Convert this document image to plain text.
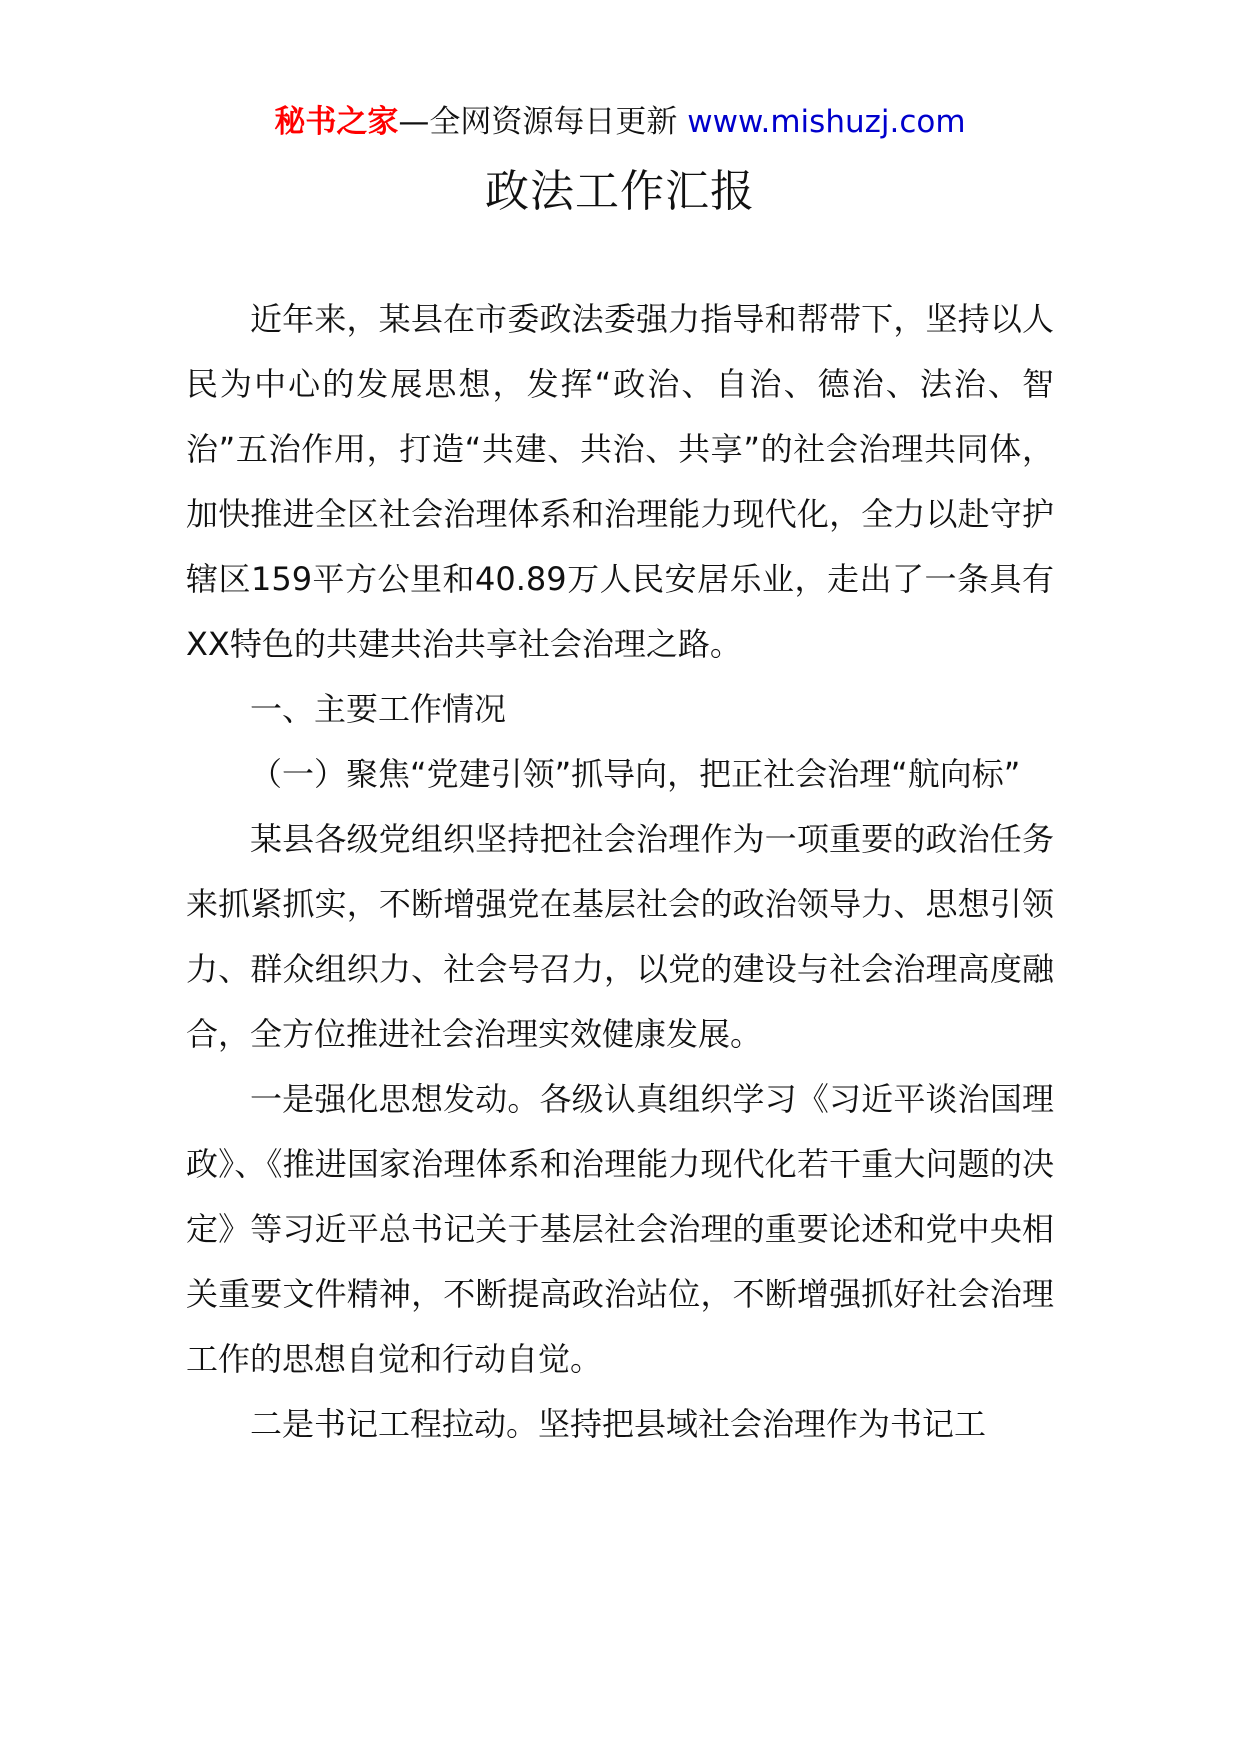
秘书之家—全网资源每日更新 www.mishuzj.com
政法工作汇报

近年来，某县在市委政法委强力指导和帮带下，坚持以人民为中心的发展思想，发挥“政治、自治、德治、法治、智治”五治作用，打造“共建、共治、共享”的社会治理共同体，加快推进全区社会治理体系和治理能力现代化，全力以赴守护辖区159平方公里和40.89万人民安居乐业，走出了一条具有XX特色的共建共治共享社会治理之路。

一、主要工作情况

（一）聚焦“党建引领”抓导向，把正社会治理“航向标”

某县各级党组织坚持把社会治理作为一项重要的政治任务来抓紧抓实，不断增强党在基层社会的政治领导力、思想引领力、群众组织力、社会号召力，以党的建设与社会治理高度融合，全方位推进社会治理实效健康发展。

一是强化思想发动。各级认真组织学习《习近平谈治国理政》、《推进国家治理体系和治理能力现代化若干重大问题的决定》等习近平总书记关于基层社会治理的重要论述和党中央相关重要文件精神，不断提高政治站位，不断增强抓好社会治理工作的思想自觉和行动自觉。

二是书记工程拉动。坚持把县域社会治理作为书记工
